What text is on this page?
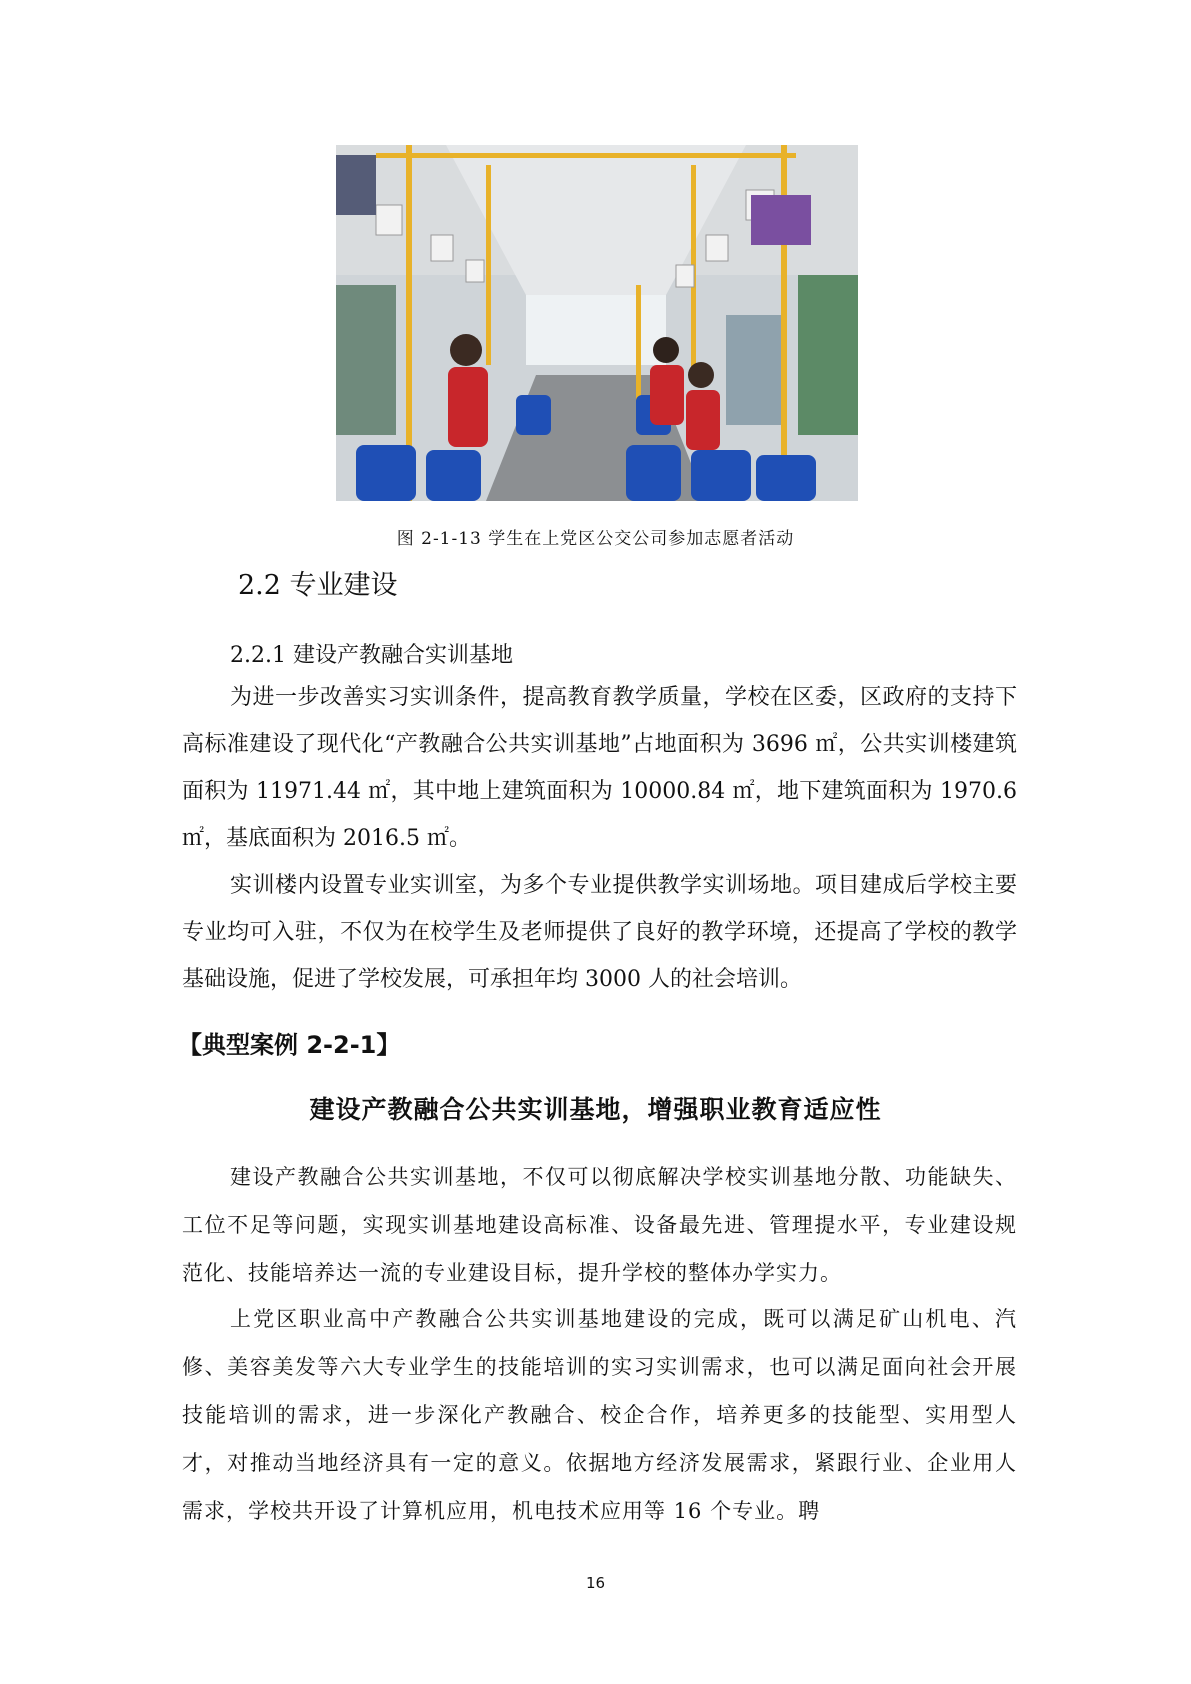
图 2-1-13 学生在上党区公交公司参加志愿者活动
2.2 专业建设
2.2.1 建设产教融合实训基地

为进一步改善实习实训条件，提高教育教学质量，学校在区委，区政府的支持下高标准建设了现代化“产教融合公共实训基地”占地面积为 3696 ㎡，公共实训楼建筑面积为 11971.44 ㎡，其中地上建筑面积为 10000.84 ㎡，地下建筑面积为 1970.6 ㎡，基底面积为 2016.5 ㎡。

实训楼内设置专业实训室，为多个专业提供教学实训场地。项目建成后学校主要专业均可入驻，不仅为在校学生及老师提供了良好的教学环境，还提高了学校的教学基础设施，促进了学校发展，可承担年均 3000 人的社会培训。

【典型案例 2-2-1】
建设产教融合公共实训基地，增强职业教育适应性

建设产教融合公共实训基地，不仅可以彻底解决学校实训基地分散、功能缺失、工位不足等问题，实现实训基地建设高标准、设备最先进、管理提水平，专业建设规范化、技能培养达一流的专业建设目标，提升学校的整体办学实力。

上党区职业高中产教融合公共实训基地建设的完成，既可以满足矿山机电、汽修、美容美发等六大专业学生的技能培训的实习实训需求，也可以满足面向社会开展技能培训的需求，进一步深化产教融合、校企合作，培养更多的技能型、实用型人才，对推动当地经济具有一定的意义。依据地方经济发展需求，紧跟行业、企业用人需求，学校共开设了计算机应用，机电技术应用等 16 个专业。聘

16
